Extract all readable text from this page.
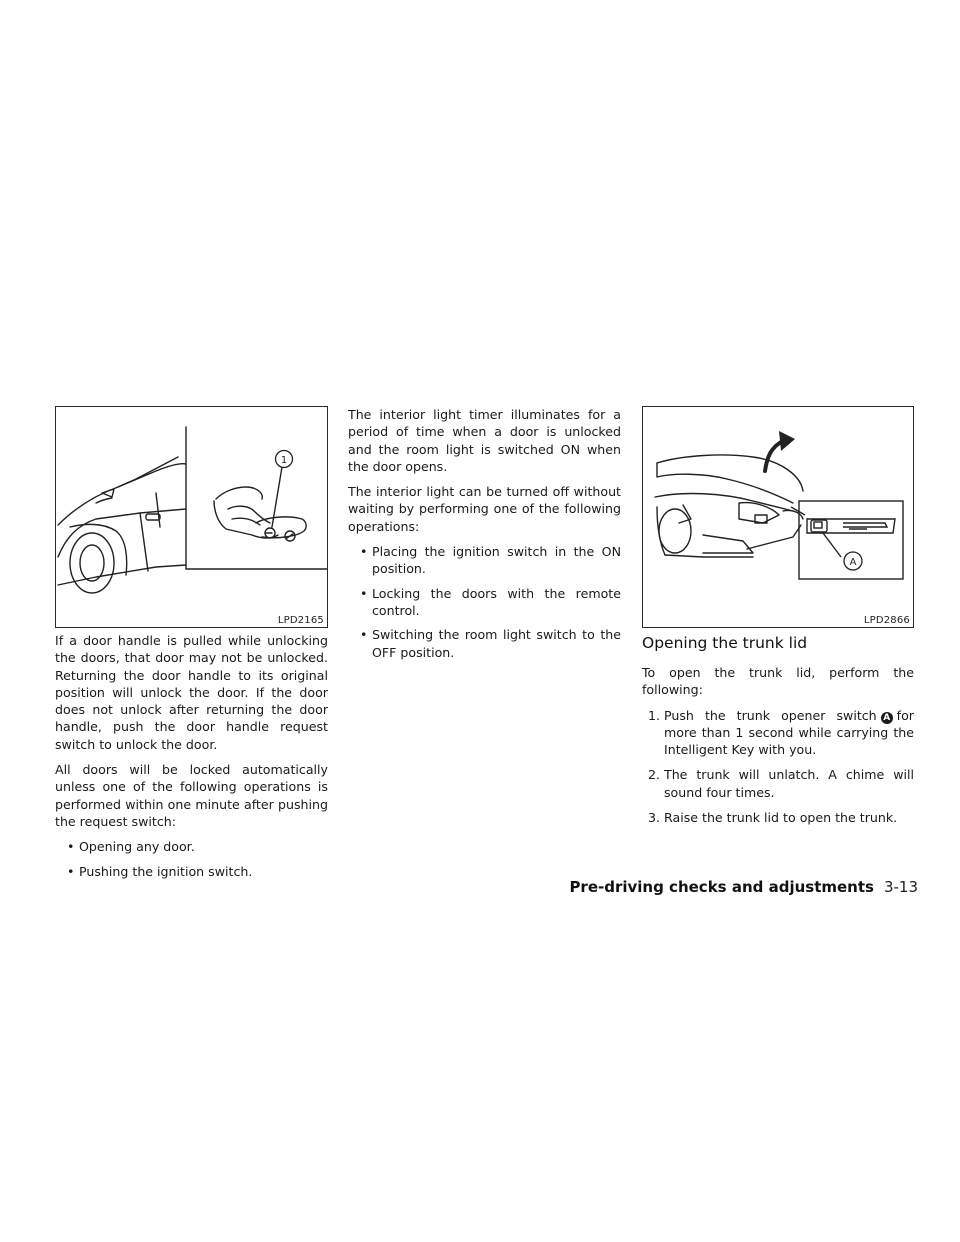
1
LPD2165
A
LPD2866

If a door handle is pulled while unlocking the doors, that door may not be unlocked. Returning the door handle to its original position will unlock the door. If the door does not unlock after returning the door handle, push the door handle request switch to unlock the door.

All doors will be locked automatically unless one of the following operations is performed within one minute after pushing the request switch:

• Opening any door.
• Pushing the ignition switch.

The interior light timer illuminates for a period of time when a door is unlocked and the room light is switched ON when the door opens.

The interior light can be turned off without waiting by performing one of the following operations:

• Placing the ignition switch in the ON position.
• Locking the doors with the remote control.
• Switching the room light switch to the OFF position.
Opening the trunk lid

To open the trunk lid, perform the following:

1. Push the trunk opener switch A for more than 1 second while carrying the Intelligent Key with you.
2. The trunk will unlatch. A chime will sound four times.
3. Raise the trunk lid to open the trunk.
Pre-driving checks and adjustments 3-13
